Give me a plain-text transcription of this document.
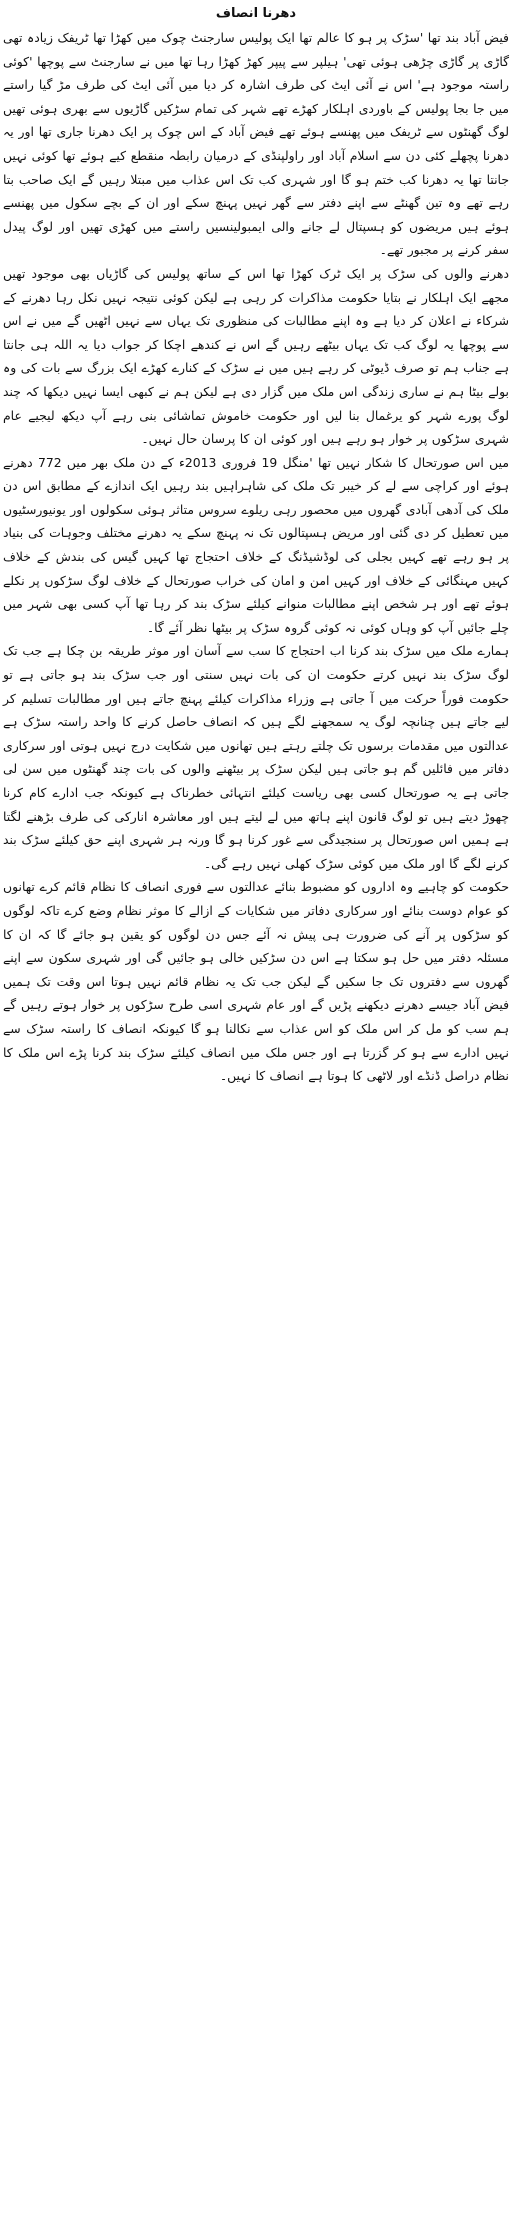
دھرنا انصاف

فیض آباد بند تھا 'سڑک پر ہو کا عالم تھا ایک پولیس سارجنٹ چوک میں کھڑا تھا ٹریفک زیادہ تھی گاڑی پر گاڑی چڑھی ہوئی تھی' ہیلپر سے پیپر کھڑ کھڑا رہا تھا میں نے سارجنٹ سے پوچھا 'کوئی راستہ موجود ہے' اس نے آئی ایٹ کی طرف اشارہ کر دیا میں آئی ایٹ کی طرف مڑ گیا راستے میں جا بجا پولیس کے باوردی اہلکار کھڑے تھے شہر کی تمام سڑکیں گاڑیوں سے بھری ہوئی تھیں لوگ گھنٹوں سے ٹریفک میں پھنسے ہوئے تھے فیض آباد کے اس چوک پر ایک دھرنا جاری تھا اور یہ دھرنا پچھلے کئی دن سے اسلام آباد اور راولپنڈی کے درمیان رابطہ منقطع کیے ہوئے تھا کوئی نہیں جانتا تھا یہ دھرنا کب ختم ہو گا اور شہری کب تک اس عذاب میں مبتلا رہیں گے ایک صاحب بتا رہے تھے وہ تین گھنٹے سے اپنے دفتر سے گھر نہیں پہنچ سکے اور ان کے بچے سکول میں پھنسے ہوئے ہیں مریضوں کو ہسپتال لے جانے والی ایمبولینسیں راستے میں کھڑی تھیں اور لوگ پیدل سفر کرنے پر مجبور تھے۔

دھرنے والوں کی سڑک پر ایک ٹرک کھڑا تھا اس کے ساتھ پولیس کی گاڑیاں بھی موجود تھیں مجھے ایک اہلکار نے بتایا حکومت مذاکرات کر رہی ہے لیکن کوئی نتیجہ نہیں نکل رہا دھرنے کے شرکاء نے اعلان کر دیا ہے وہ اپنے مطالبات کی منظوری تک یہاں سے نہیں اٹھیں گے میں نے اس سے پوچھا یہ لوگ کب تک یہاں بیٹھے رہیں گے اس نے کندھے اچکا کر جواب دیا یہ اللہ ہی جانتا ہے جناب ہم تو صرف ڈیوٹی کر رہے ہیں میں نے سڑک کے کنارے کھڑے ایک بزرگ سے بات کی وہ بولے بیٹا ہم نے ساری زندگی اس ملک میں گزار دی ہے لیکن ہم نے کبھی ایسا نہیں دیکھا کہ چند لوگ پورے شہر کو یرغمال بنا لیں اور حکومت خاموش تماشائی بنی رہے آپ دیکھ لیجیے عام شہری سڑکوں پر خوار ہو رہے ہیں اور کوئی ان کا پرسان حال نہیں۔

میں اس صورتحال کا شکار نہیں تھا 'منگل 19 فروری 2013ء کے دن ملک بھر میں 772 دھرنے ہوئے اور کراچی سے لے کر خیبر تک ملک کی شاہراہیں بند رہیں ایک اندازے کے مطابق اس دن ملک کی آدھی آبادی گھروں میں محصور رہی ریلوے سروس متاثر ہوئی سکولوں اور یونیورسٹیوں میں تعطیل کر دی گئی اور مریض ہسپتالوں تک نہ پہنچ سکے یہ دھرنے مختلف وجوہات کی بنیاد پر ہو رہے تھے کہیں بجلی کی لوڈشیڈنگ کے خلاف احتجاج تھا کہیں گیس کی بندش کے خلاف کہیں مہنگائی کے خلاف اور کہیں امن و امان کی خراب صورتحال کے خلاف لوگ سڑکوں پر نکلے ہوئے تھے اور ہر شخص اپنے مطالبات منوانے کیلئے سڑک بند کر رہا تھا آپ کسی بھی شہر میں چلے جائیں آپ کو وہاں کوئی نہ کوئی گروہ سڑک پر بیٹھا نظر آئے گا۔

ہمارے ملک میں سڑک بند کرنا اب احتجاج کا سب سے آسان اور موثر طریقہ بن چکا ہے جب تک لوگ سڑک بند نہیں کرتے حکومت ان کی بات نہیں سنتی اور جب سڑک بند ہو جاتی ہے تو حکومت فوراً حرکت میں آ جاتی ہے وزراء مذاکرات کیلئے پہنچ جاتے ہیں اور مطالبات تسلیم کر لیے جاتے ہیں چنانچہ لوگ یہ سمجھنے لگے ہیں کہ انصاف حاصل کرنے کا واحد راستہ سڑک ہے عدالتوں میں مقدمات برسوں تک چلتے رہتے ہیں تھانوں میں شکایت درج نہیں ہوتی اور سرکاری دفاتر میں فائلیں گم ہو جاتی ہیں لیکن سڑک پر بیٹھنے والوں کی بات چند گھنٹوں میں سن لی جاتی ہے یہ صورتحال کسی بھی ریاست کیلئے انتہائی خطرناک ہے کیونکہ جب ادارے کام کرنا چھوڑ دیتے ہیں تو لوگ قانون اپنے ہاتھ میں لے لیتے ہیں اور معاشرہ انارکی کی طرف بڑھنے لگتا ہے ہمیں اس صورتحال پر سنجیدگی سے غور کرنا ہو گا ورنہ ہر شہری اپنے حق کیلئے سڑک بند کرنے لگے گا اور ملک میں کوئی سڑک کھلی نہیں رہے گی۔

حکومت کو چاہیے وہ اداروں کو مضبوط بنائے عدالتوں سے فوری انصاف کا نظام قائم کرے تھانوں کو عوام دوست بنائے اور سرکاری دفاتر میں شکایات کے ازالے کا موثر نظام وضع کرے تاکہ لوگوں کو سڑکوں پر آنے کی ضرورت ہی پیش نہ آئے جس دن لوگوں کو یقین ہو جائے گا کہ ان کا مسئلہ دفتر میں حل ہو سکتا ہے اس دن سڑکیں خالی ہو جائیں گی اور شہری سکون سے اپنے گھروں سے دفتروں تک جا سکیں گے لیکن جب تک یہ نظام قائم نہیں ہوتا اس وقت تک ہمیں فیض آباد جیسے دھرنے دیکھنے پڑیں گے اور عام شہری اسی طرح سڑکوں پر خوار ہوتے رہیں گے ہم سب کو مل کر اس ملک کو اس عذاب سے نکالنا ہو گا کیونکہ انصاف کا راستہ سڑک سے نہیں ادارے سے ہو کر گزرتا ہے اور جس ملک میں انصاف کیلئے سڑک بند کرنا پڑے اس ملک کا نظام دراصل ڈنڈے اور لاٹھی کا ہوتا ہے انصاف کا نہیں۔
